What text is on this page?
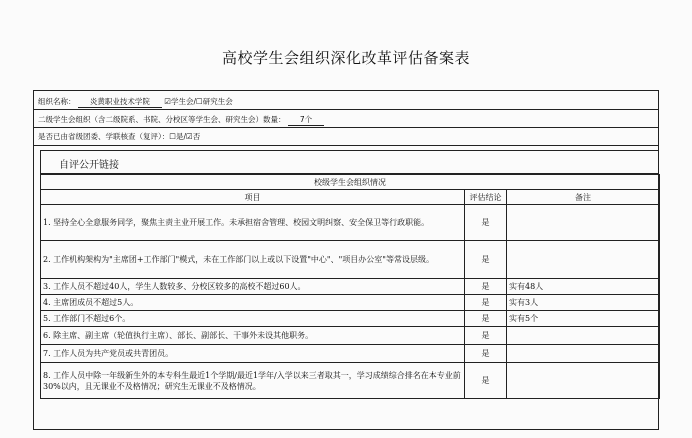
高校学生会组织深化改革评估备案表
组织名称： 炎黄职业技术学院 ☑学生会/☐研究生会
二级学生会组织（含二级院系、书院、分校区等学生会、研究生会）数量： 7个
是否已由省级团委、学联核查（复评）：☐是/☑否
自评公开链接
校级学生会组织情况		
项目	评估结论	备注
1. 坚持全心全意服务同学，聚焦主责主业开展工作。未承担宿舍管理、校园文明纠察、安全保卫等行政职能。	是	
2. 工作机构架构为"主席团+工作部门"模式，未在工作部门以上或以下设置"中心"、"项目办公室"等常设层级。	是	
3. 工作人员不超过40人，学生人数较多、分校区较多的高校不超过60人。	是	实有48人
4. 主席团成员不超过5人。	是	实有3人
5. 工作部门不超过6个。	是	实有5个
6. 除主席、副主席（轮值执行主席）、部长、副部长、干事外未设其他职务。	是	
7. 工作人员为共产党员或共青团员。	是	
8. 工作人员中除一年级新生外的本专科生最近1个学期/最近1学年/入学以来三者取其一，学习成绩综合排名在本专业前30%以内，且无课业不及格情况；研究生无课业不及格情况。	是	
